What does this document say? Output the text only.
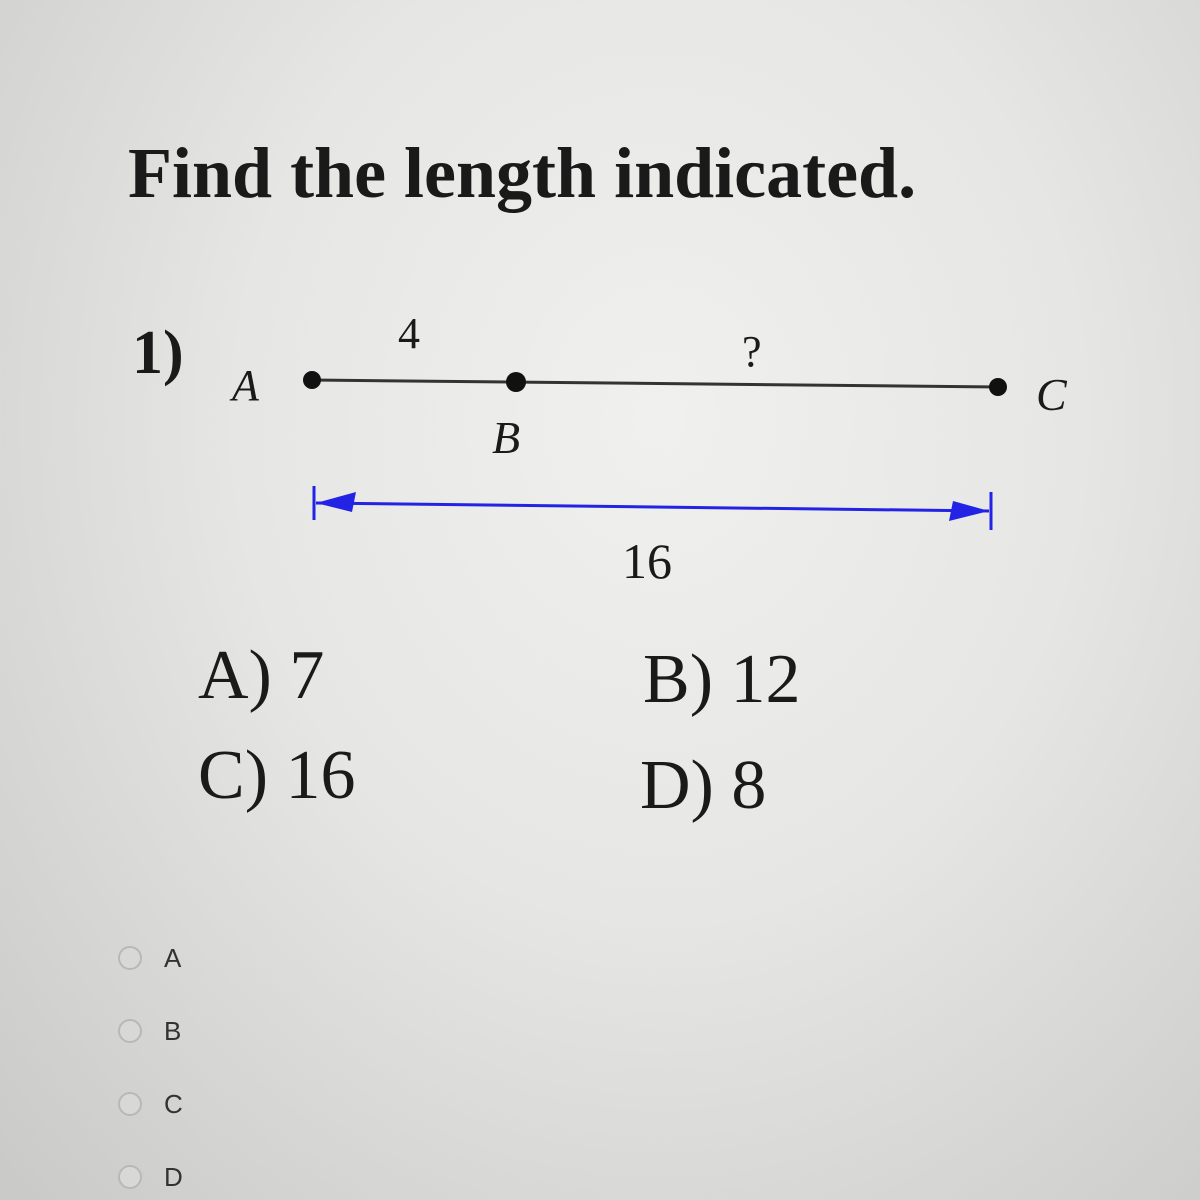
Find the length indicated.
1) A
B
C
4	?
16
A) 7	B) 12
C) 16	D) 8
A
B
C
D
